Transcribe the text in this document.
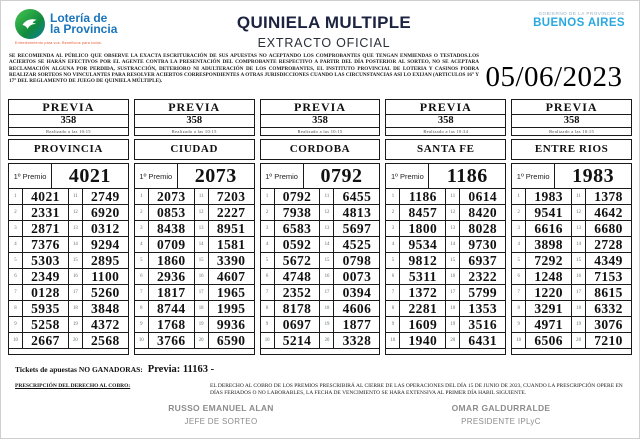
Lotería de
la Provincia
Entretenimiento para vos. Beneficios para todos.
QUINIELA MULTIPLE
EXTRACTO OFICIAL
GOBIERNO DE LA PROVINCIA DE
BUENOS AIRES
SE RECOMIENDA AL PÚBLICO QUE OBSERVE LA EXACTA ESCRITURACIÓN DE SUS APUESTAS NO ACEPTANDO LOS COMPROBANTES QUE TENGAN ENMIENDAS O TESTADOS.LOS ACIERTOS SE HARÁN EFECTIVOS POR EL AGENTE CONTRA LA PRESENTACIÓN DEL COMPROBANTE RESPECTIVO A PARTIR DEL DÍA POSTERIOR AL SORTEO, NO SE ACEPTARA RECLAMACIÓN ALGUNA POR PERDIDA, SUSTRACCIÓN, DETERIORO NI ADULTERACIÓN DE LOS COMPROBANTES, EL INSTITUTO PROVINCIAL DE LOTERIA Y CASINOS PODRA REALIZAR SORTEOS NO VINCULANTES PARA RESOLVER ACIERTOS CORRESPONDIENTES A OTRAS JURISDICCIONES CUANDO LAS CIRCUNSTANCIAS ASI LO EXIJAN (ARTICULOS 16° Y 17° DEL REGLAMENTO DE JUEGO DE QUINIELA MÚLTIPLE).	05/06/2023
PREVIA
358
Realizado a las 10:15
PROVINCIA
1º Premio	4021
1	4021	11 2749
2	2331	12 6920
3	2871	13 0312
4	7376	14 9294
5	5303	15 2895
6	2349	16	1100
7	0128	17 5260
8	5935	18 3848
9	5258	19 4372
10 2667	20 2568
PREVIA
358
Realizado a las 10:15
CIUDAD
1º Premio	2073
1	2073	11 7203
2	0853	12 2227
3	8438	13 8951
4	0709	14 1581
5	1860	15 3390
6	2936	16 4607
7	1817	17 1965
8	8744	18 1995
9	1768	19 9936
10 3766	20 6590
PREVIA
358
Realizado a las 10:15
CORDOBA
1º Premio	0792
1	0792	11 6455
2	7938	12 4813
3	6583	13 5697
4	0592	14 4525
5	5672	15 0798
6	4748	16 0073
7	2352	17 0394
8	8178	18 4606
9	0697	19 1877
10 5214	20 3328
PREVIA
358
Realizado a las 10:34
SANTA FE
1º Premio	1186
1	1186	11 0614
2	8457	12 8420
3	1800	13 8028
4	9534	14 9730
5	9812	15 6937
6	5311	16 2322
7	1372	17 5799
8	2281	18 1353
9	1609	19 3516
10 1940	20 6431
PREVIA
358
Realizado a las 10:15
ENTRE RIOS
1º Premio	1983
1	1983	11 1378
2	9541	12 4642
3	6616	13 6680
4	3898	14 2728
5	7292	15 4349
6	1248	16 7153
7	1220	17 8615
8	3291	18 6332
9	4971	19 3076
10 6506	20 7210
Tickets de apuestas NO GANADORAS: Previa: 11163 -
PRESCRIPCIÓN DEL DERECHO AL COBRO:	EL DERECHO AL COBRO DE LOS PREMIOS PRESCRIBIRÁ AL CIERRE DE LAS OPERACIONES DEL DÍA 15 DE JUNIO DE 2023, CUANDO LA PRESCRIPCIÓN OPERE EN DÍAS FERIADOS O NO LABORABLES, LA FECHA DE VENCIMIENTO SE HARA EXTENSIVA AL PRIMER DÍA HABIL SIGUIENTE.
RUSSO EMANUEL ALAN
JEFE DE SORTEO
OMAR GALDURRALDE
PRESIDENTE IPLyC
